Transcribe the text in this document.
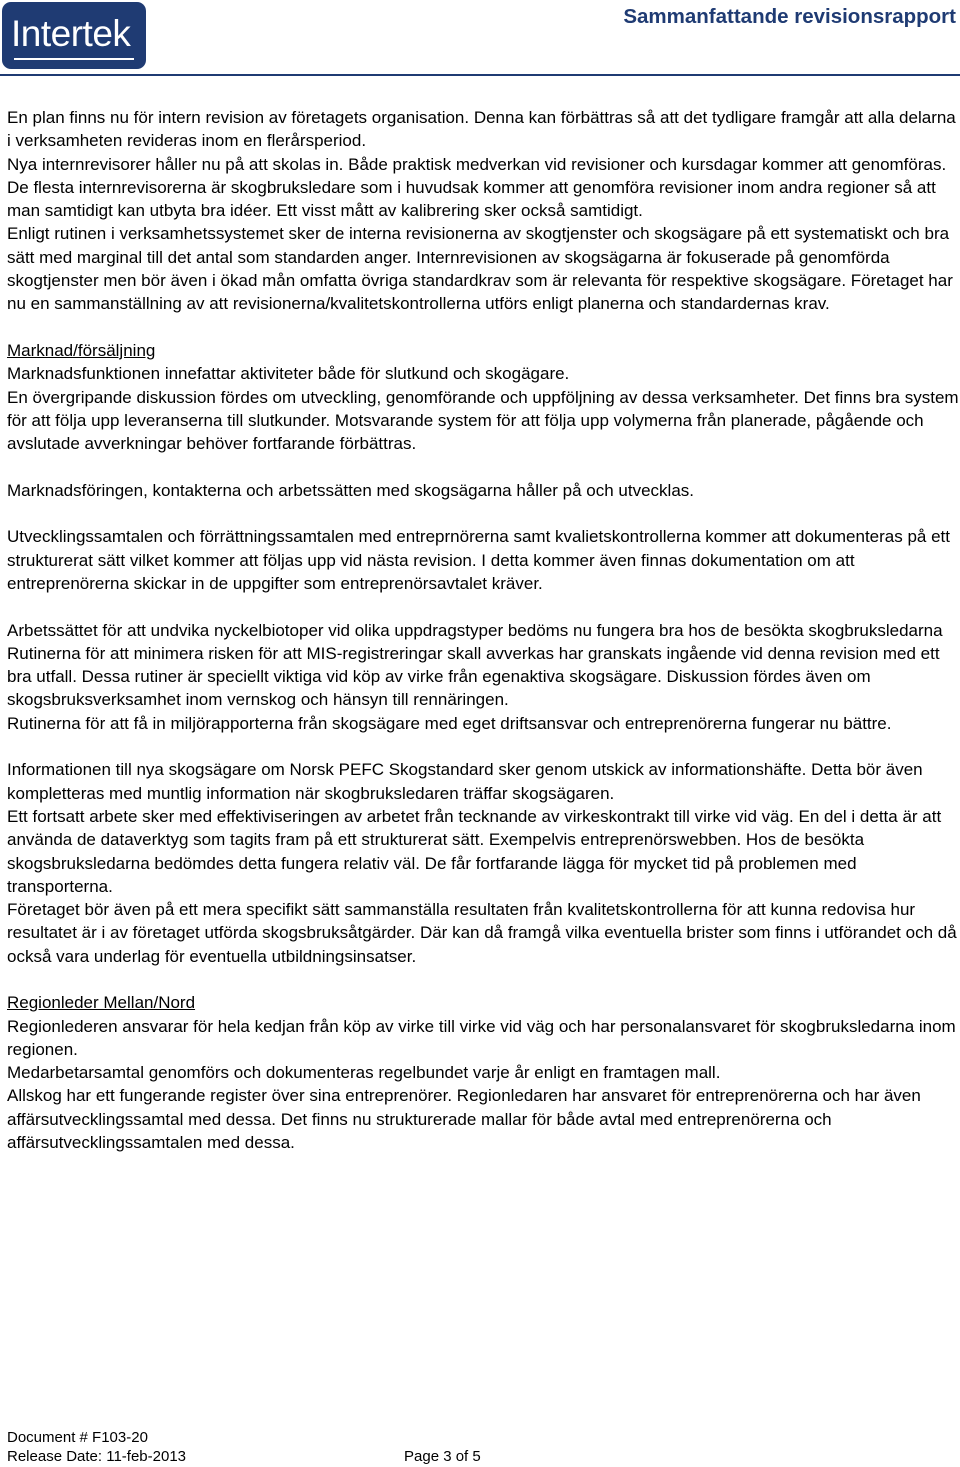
Intertek	Sammanfattande revisionsrapport

En plan finns nu för intern revision av företagets organisation. Denna kan förbättras så att det tydligare framgår att alla delarna i verksamheten revideras inom en flerårsperiod.

Nya internrevisorer håller nu på att skolas in. Både praktisk medverkan vid revisioner och kursdagar kommer att genomföras. De flesta internrevisorerna är skogbruksledare som i huvudsak kommer att genomföra revisioner inom andra regioner så att man samtidigt kan utbyta bra idéer. Ett visst mått av kalibrering sker också samtidigt.

Enligt rutinen i verksamhetssystemet sker de interna revisionerna av skogtjenster och skogsägare på ett systematiskt och bra sätt med marginal till det antal som standarden anger. Internrevisionen av skogsägarna är fokuserade på genomförda skogtjenster men bör även i ökad mån omfatta övriga standardkrav som är relevanta för respektive skogsägare. Företaget har nu en sammanställning av att revisionerna/kvalitetskontrollerna utförs enligt planerna och standardernas krav.

Marknad/försäljning

Marknadsfunktionen innefattar aktiviteter både för slutkund och skogägare.

En övergripande diskussion fördes om utveckling, genomförande och uppföljning av dessa verksamheter. Det finns bra system för att följa upp leveranserna till slutkunder. Motsvarande system för att följa upp volymerna från planerade, pågående och avslutade avverkningar behöver fortfarande förbättras.

Marknadsföringen, kontakterna och arbetssätten med skogsägarna håller på och utvecklas.

Utvecklingssamtalen och förrättningssamtalen med entreprnörerna samt kvalietskontrollerna kommer att dokumenteras på ett strukturerat sätt vilket kommer att följas upp vid nästa revision. I detta kommer även finnas dokumentation om att entreprenörerna skickar in de uppgifter som entreprenörsavtalet kräver.

Arbetssättet för att undvika nyckelbiotoper vid olika uppdragstyper bedöms nu fungera bra hos de besökta skogbruksledarna Rutinerna för att minimera risken för att MIS-registreringar skall avverkas har granskats ingående vid denna revision med ett bra utfall. Dessa rutiner är speciellt viktiga vid köp av virke från egenaktiva skogsägare. Diskussion fördes även om skogsbruksverksamhet inom vernskog och hänsyn till rennäringen.

Rutinerna för att få in miljörapporterna från skogsägare med eget driftsansvar och entreprenörerna fungerar nu bättre.

Informationen till nya skogsägare om Norsk PEFC Skogstandard sker genom utskick av informationshäfte. Detta bör även kompletteras med muntlig information när skogbruksledaren träffar skogsägaren.

Ett fortsatt arbete sker med effektiviseringen av arbetet från tecknande av virkeskontrakt till virke vid väg. En del i detta är att använda de dataverktyg som tagits fram på ett strukturerat sätt. Exempelvis entreprenörswebben. Hos de besökta skogsbruksledarna bedömdes detta fungera relativ väl. De får fortfarande lägga för mycket tid på problemen med transporterna.

Företaget bör även på ett mera specifikt sätt sammanställa resultaten från kvalitetskontrollerna för att kunna redovisa hur resultatet är i av företaget utförda skogsbruksåtgärder. Där kan då framgå vilka eventuella brister som finns i utförandet och då också vara underlag för eventuella utbildningsinsatser.

Regionleder Mellan/Nord

Regionlederen ansvarar för hela kedjan från köp av virke till virke vid väg och har personalansvaret för skogbruksledarna inom regionen.

Medarbetarsamtal genomförs och dokumenteras regelbundet varje år enligt en framtagen mall.

Allskog har ett fungerande register över sina entreprenörer. Regionledaren har ansvaret för entreprenörerna och har även affärsutvecklingssamtal med dessa. Det finns nu strukturerade mallar för både avtal med entreprenörerna och affärsutvecklingssamtalen med dessa.

Document # F103-20
Release Date: 11-feb-2013	Page 3 of 5
